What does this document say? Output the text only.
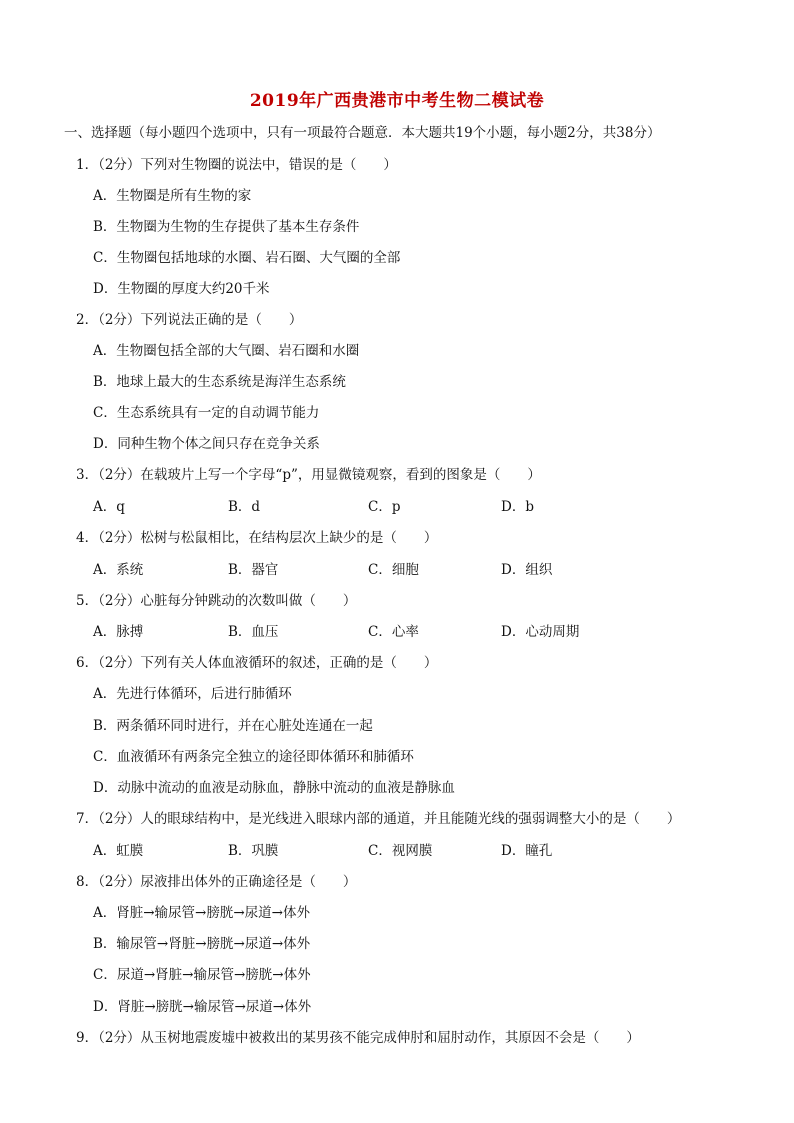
2019年广西贵港市中考生物二模试卷
一、选择题（每小题四个选项中，只有一项最符合题意．本大题共19个小题，每小题2分，共38分）
1．（2分）下列对生物圈的说法中，错误的是（　　）
A．生物圈是所有生物的家
B．生物圈为生物的生存提供了基本生存条件
C．生物圈包括地球的水圈、岩石圈、大气圈的全部
D．生物圈的厚度大约20千米
2．（2分）下列说法正确的是（　　）
A．生物圈包括全部的大气圈、岩石圈和水圈
B．地球上最大的生态系统是海洋生态系统
C．生态系统具有一定的自动调节能力
D．同种生物个体之间只存在竞争关系
3．（2分）在载玻片上写一个字母“p”，用显微镜观察，看到的图象是（　　）
A．q	B．d	C．p	D．b
4．（2分）松树与松鼠相比，在结构层次上缺少的是（　　）
A．系统	B．器官	C．细胞	D．组织
5．（2分）心脏每分钟跳动的次数叫做（　　）
A．脉搏	B．血压	C．心率	D．心动周期
6．（2分）下列有关人体血液循环的叙述，正确的是（　　）
A．先进行体循环，后进行肺循环
B．两条循环同时进行，并在心脏处连通在一起
C．血液循环有两条完全独立的途径即体循环和肺循环
D．动脉中流动的血液是动脉血，静脉中流动的血液是静脉血
7．（2分）人的眼球结构中，是光线进入眼球内部的通道，并且能随光线的强弱调整大小的是（　　）
A．虹膜	B．巩膜	C．视网膜	D．瞳孔
8．（2分）尿液排出体外的正确途径是（　　）
A．肾脏→输尿管→膀胱→尿道→体外
B．输尿管→肾脏→膀胱→尿道→体外
C．尿道→肾脏→输尿管→膀胱→体外
D．肾脏→膀胱→输尿管→尿道→体外
9．（2分）从玉树地震废墟中被救出的某男孩不能完成伸肘和屈肘动作，其原因不会是（　　）
